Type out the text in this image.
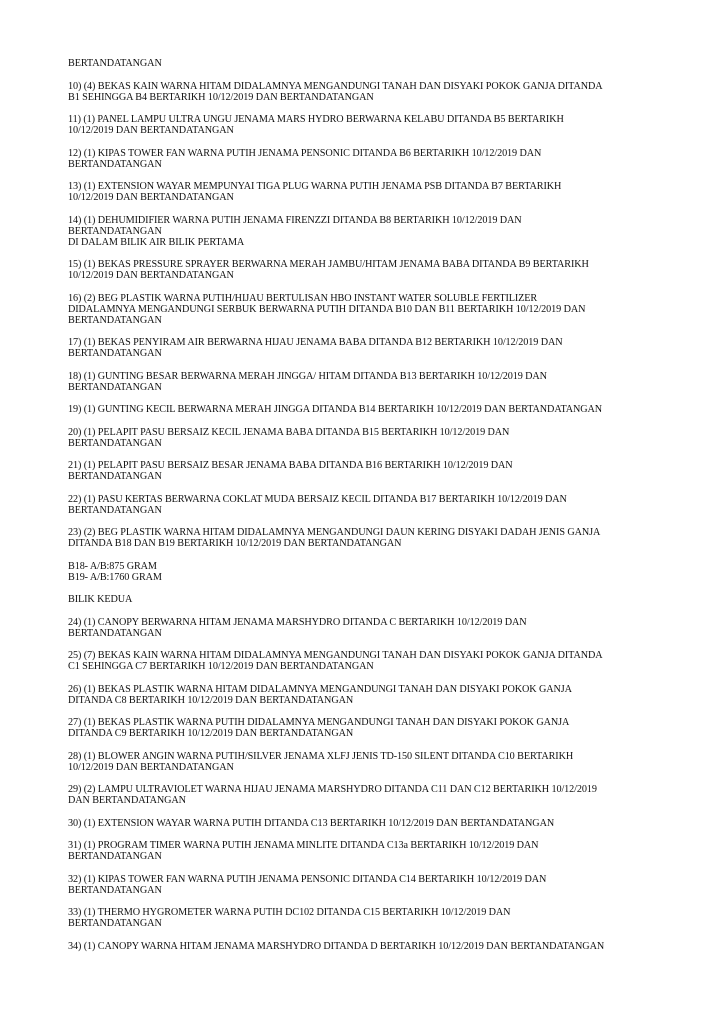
BERTANDATANGAN
10) (4) BEKAS KAIN WARNA HITAM DIDALAMNYA MENGANDUNGI TANAH DAN DISYAKI POKOK GANJA DITANDA
B1 SEHINGGA B4 BERTARIKH 10/12/2019 DAN BERTANDATANGAN
11) (1) PANEL LAMPU ULTRA UNGU JENAMA MARS HYDRO BERWARNA KELABU DITANDA B5 BERTARIKH
10/12/2019 DAN BERTANDATANGAN
12) (1) KIPAS TOWER FAN WARNA PUTIH JENAMA PENSONIC DITANDA B6 BERTARIKH 10/12/2019 DAN
BERTANDATANGAN
13) (1) EXTENSION WAYAR MEMPUNYAI TIGA PLUG WARNA PUTIH JENAMA PSB DITANDA B7 BERTARIKH
10/12/2019 DAN BERTANDATANGAN
14) (1) DEHUMIDIFIER WARNA PUTIH JENAMA FIRENZZI DITANDA B8 BERTARIKH 10/12/2019 DAN
BERTANDATANGAN
DI DALAM BILIK AIR BILIK PERTAMA
15) (1) BEKAS PRESSURE SPRAYER BERWARNA MERAH JAMBU/HITAM JENAMA BABA DITANDA B9 BERTARIKH
10/12/2019 DAN BERTANDATANGAN
16) (2) BEG PLASTIK WARNA PUTIH/HIJAU BERTULISAN HBO INSTANT WATER SOLUBLE FERTILIZER
DIDALAMNYA MENGANDUNGI SERBUK BERWARNA PUTIH DITANDA B10 DAN B11 BERTARIKH 10/12/2019 DAN
BERTANDATANGAN
17) (1) BEKAS PENYIRAM AIR BERWARNA HIJAU JENAMA BABA DITANDA B12 BERTARIKH 10/12/2019 DAN
BERTANDATANGAN
18) (1) GUNTING BESAR BERWARNA MERAH JINGGA/ HITAM DITANDA B13 BERTARIKH 10/12/2019 DAN
BERTANDATANGAN
19) (1) GUNTING KECIL BERWARNA MERAH JINGGA DITANDA B14 BERTARIKH 10/12/2019 DAN BERTANDATANGAN
20) (1) PELAPIT PASU BERSAIZ KECIL JENAMA BABA DITANDA B15 BERTARIKH 10/12/2019 DAN
BERTANDATANGAN
21) (1) PELAPIT PASU BERSAIZ BESAR JENAMA BABA DITANDA B16 BERTARIKH 10/12/2019 DAN
BERTANDATANGAN
22) (1) PASU KERTAS BERWARNA COKLAT MUDA BERSAIZ KECIL DITANDA B17 BERTARIKH 10/12/2019 DAN
BERTANDATANGAN
23) (2) BEG PLASTIK WARNA HITAM DIDALAMNYA MENGANDUNGI DAUN KERING DISYAKI DADAH JENIS GANJA
DITANDA B18 DAN B19 BERTARIKH 10/12/2019 DAN BERTANDATANGAN
B18- A/B:875 GRAM
B19- A/B:1760 GRAM
BILIK KEDUA
24) (1) CANOPY BERWARNA HITAM JENAMA MARSHYDRO DITANDA C BERTARIKH 10/12/2019 DAN
BERTANDATANGAN
25) (7) BEKAS KAIN WARNA HITAM DIDALAMNYA MENGANDUNGI TANAH DAN DISYAKI POKOK GANJA DITANDA
C1 SEHINGGA C7 BERTARIKH 10/12/2019 DAN BERTANDATANGAN
26) (1) BEKAS PLASTIK WARNA HITAM DIDALAMNYA MENGANDUNGI TANAH DAN DISYAKI POKOK GANJA
DITANDA C8 BERTARIKH 10/12/2019 DAN BERTANDATANGAN
27) (1) BEKAS PLASTIK WARNA PUTIH DIDALAMNYA MENGANDUNGI TANAH DAN DISYAKI POKOK GANJA
DITANDA C9 BERTARIKH 10/12/2019 DAN BERTANDATANGAN
28) (1) BLOWER ANGIN WARNA PUTIH/SILVER JENAMA XLFJ JENIS TD-150 SILENT DITANDA C10 BERTARIKH
10/12/2019 DAN BERTANDATANGAN
29) (2) LAMPU ULTRAVIOLET WARNA HIJAU JENAMA MARSHYDRO DITANDA C11 DAN C12 BERTARIKH 10/12/2019
DAN BERTANDATANGAN
30) (1) EXTENSION WAYAR WARNA PUTIH DITANDA C13 BERTARIKH 10/12/2019 DAN BERTANDATANGAN
31) (1) PROGRAM TIMER WARNA PUTIH JENAMA MINLITE DITANDA C13a BERTARIKH 10/12/2019 DAN
BERTANDATANGAN
32) (1) KIPAS TOWER FAN WARNA PUTIH JENAMA PENSONIC DITANDA C14 BERTARIKH 10/12/2019 DAN
BERTANDATANGAN
33) (1) THERMO HYGROMETER WARNA PUTIH DC102 DITANDA C15 BERTARIKH 10/12/2019 DAN
BERTANDATANGAN
34) (1) CANOPY WARNA HITAM JENAMA MARSHYDRO DITANDA D BERTARIKH 10/12/2019 DAN BERTANDATANGAN
